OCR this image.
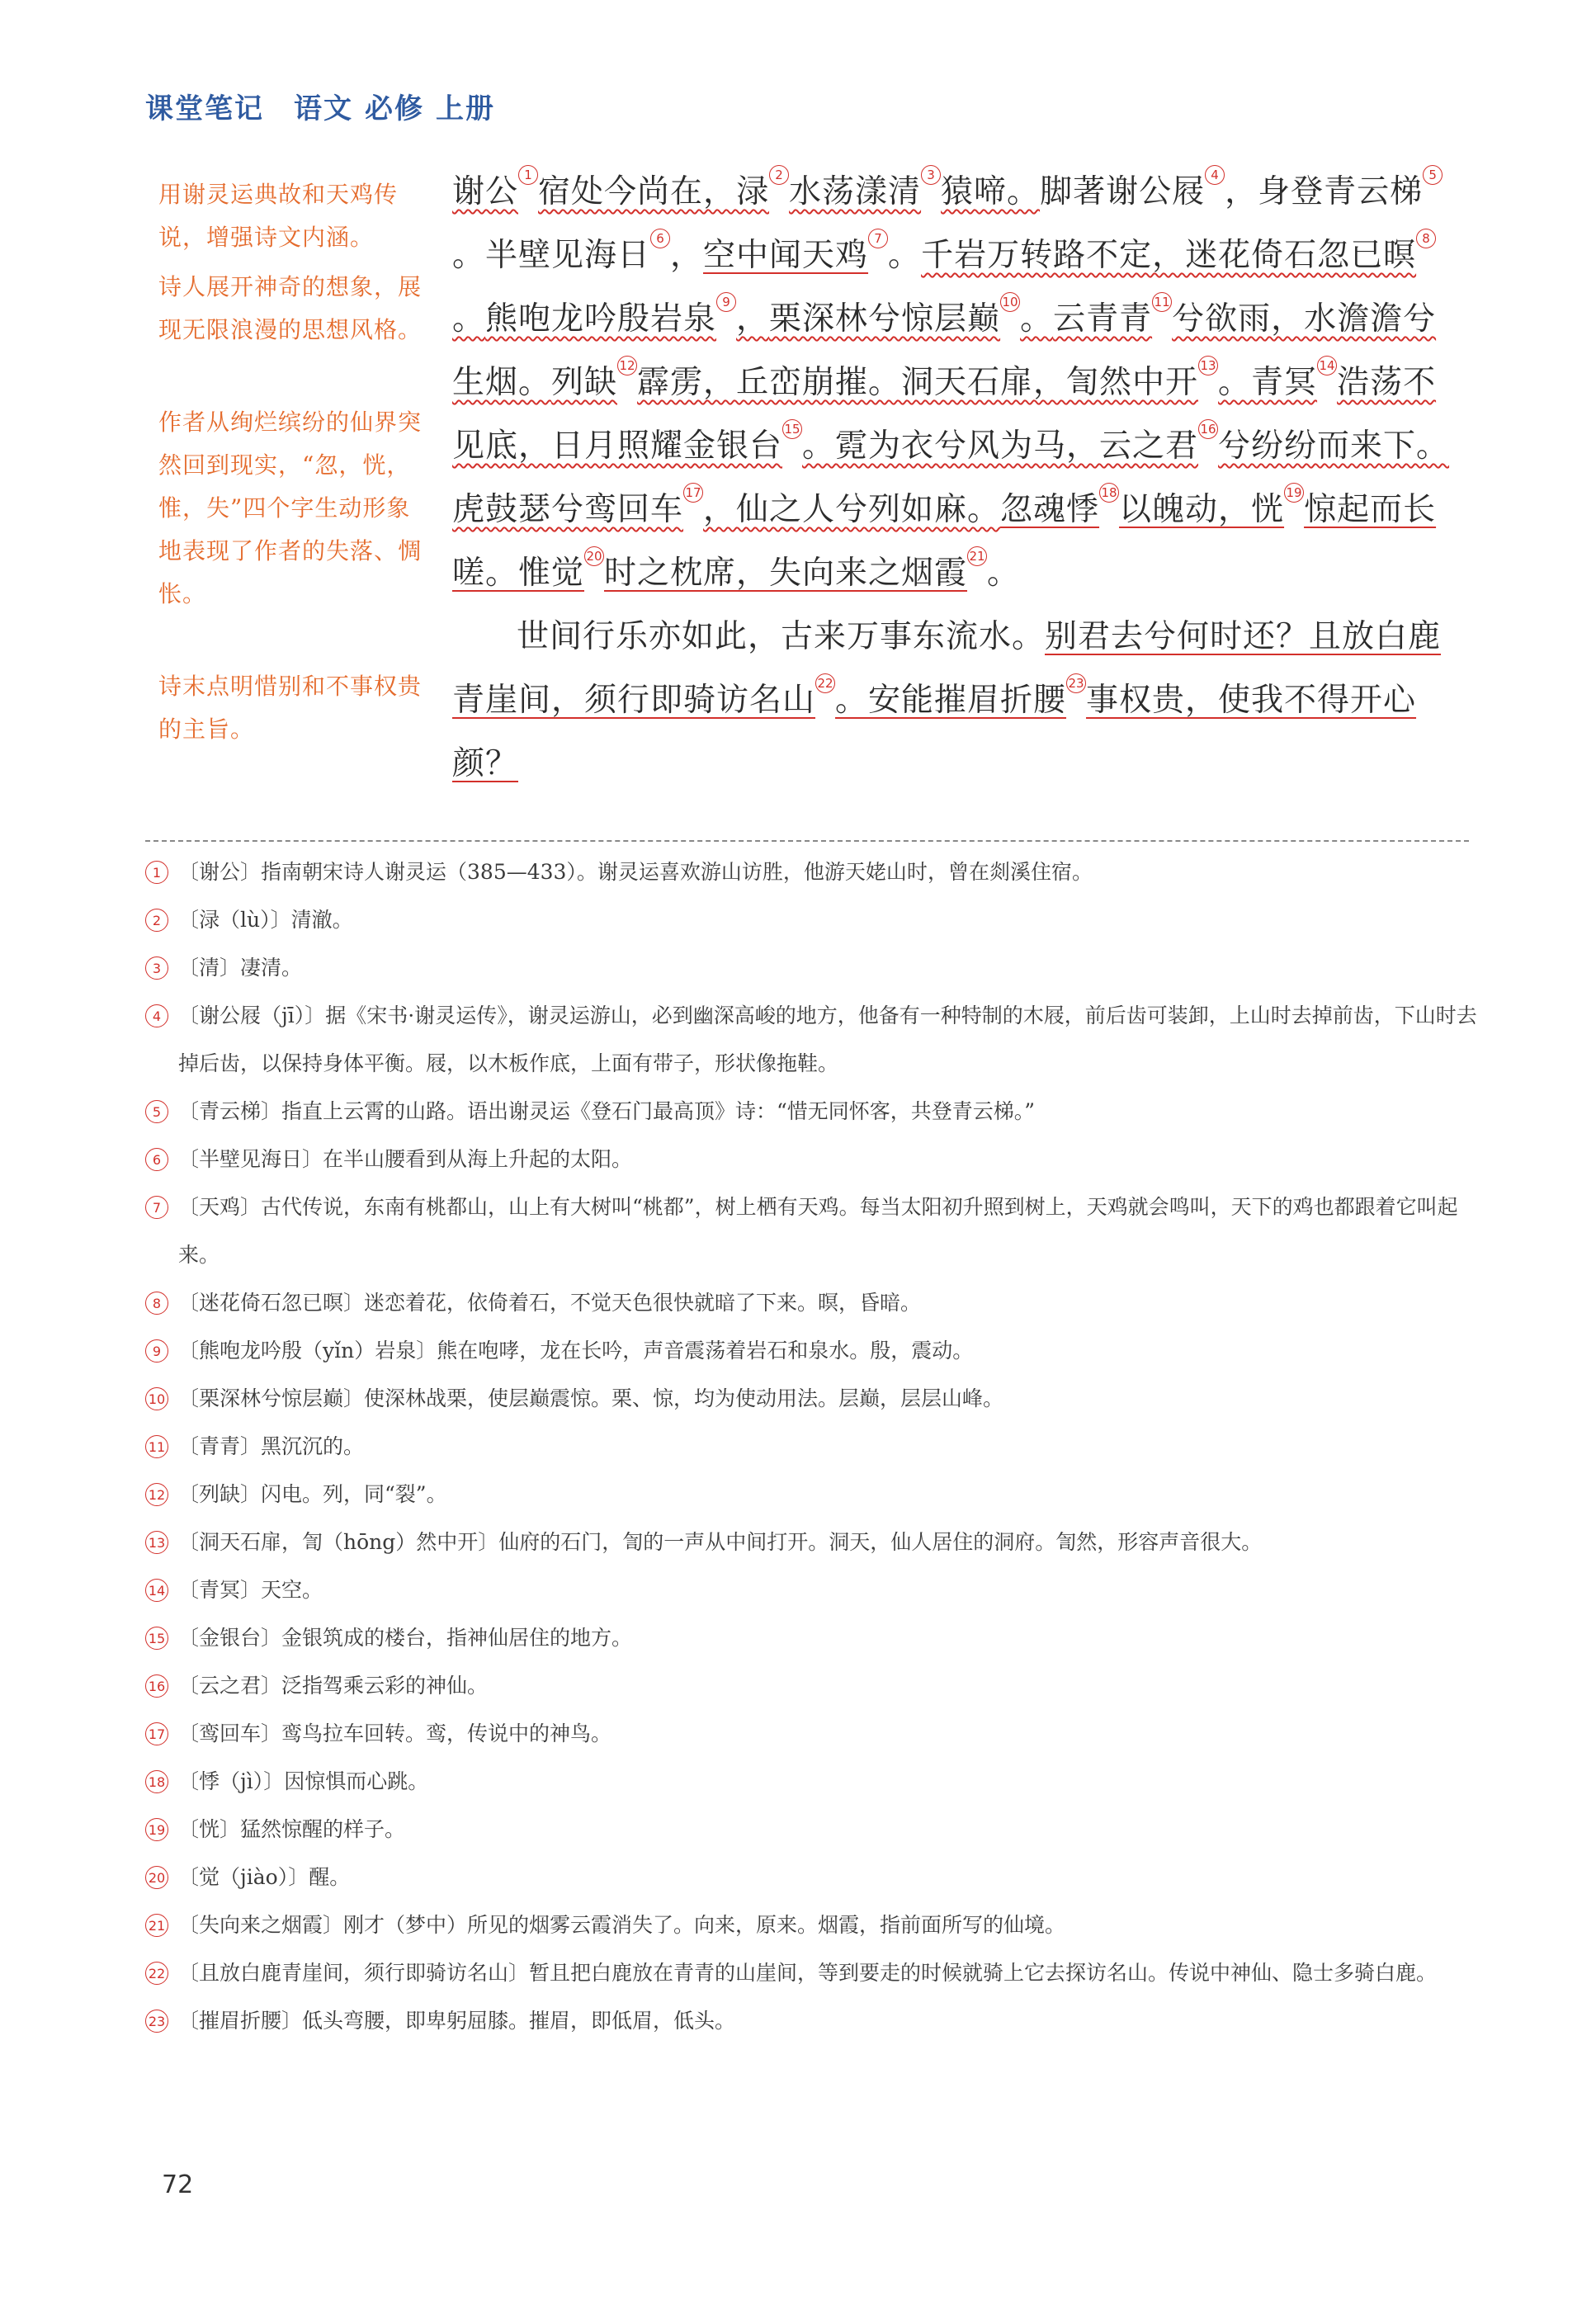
课堂笔记 语文 必修 上册
用谢灵运典故和天鸡传说，增强诗文内涵。
诗人展开神奇的想象，展现无限浪漫的思想风格。
作者从绚烂缤纷的仙界突然回到现实，“忽，恍，惟，失”四个字生动形象地表现了作者的失落、惆怅。
诗末点明惜别和不事权贵的主旨。

谢公 $^1$ 宿处今尚在，渌 $^2$ 水荡漾清 $^3$ 猿啼。脚著谢公屐 $^4$ ，身登青云梯 $^5$。半壁见海日 $^6$ ，空中闻天鸡 $^7$ 。千岩万转路不定，迷花倚石忽已暝 $^8$。熊咆龙吟殷岩泉 $^9$ ，栗深林兮惊层巅 $^{10}$。云青青 $^{11}$兮欲雨，水澹澹兮生烟。列缺 $^{12}$霹雳，丘峦崩摧。洞天石扉，訇然中开 $^{13}$。青冥 $^{14}$浩荡不见底，日月照耀金银台 $^{15}$。霓为衣兮风为马，云之君 $^{16}$兮纷纷而来下。虎鼓瑟兮鸾回车 $^{17}$，仙之人兮列如麻。忽魂悸 $^{18}$以魄动，恍 $^{19}$惊起而长嗟。惟觉 $^{20}$时之枕席，失向来之烟霞 $^{21}$。

世间行乐亦如此，古来万事东流水。别君去兮何时还？且放白鹿青崖间，须行即骑访名山 $^{22}$。安能摧眉折腰 $^{23}$事权贵，使我不得开心颜？

1 〔谢公〕指南朝宋诗人谢灵运（385—433）。谢灵运喜欢游山访胜，他游天姥山时，曾在剡溪住宿。
2 〔渌（lù）〕清澈。
3 〔清〕凄清。
4 〔谢公屐（jī）〕据《宋书·谢灵运传》，谢灵运游山，必到幽深高峻的地方，他备有一种特制的木屐，前后齿可装卸，上山时去掉前齿，下山时去掉后齿，以保持身体平衡。屐，以木板作底，上面有带子，形状像拖鞋。
5 〔青云梯〕指直上云霄的山路。语出谢灵运《登石门最高顶》诗：“惜无同怀客，共登青云梯。”
6 〔半壁见海日〕在半山腰看到从海上升起的太阳。
7 〔天鸡〕古代传说，东南有桃都山，山上有大树叫“桃都”，树上栖有天鸡。每当太阳初升照到树上，天鸡就会鸣叫，天下的鸡也都跟着它叫起来。
8 〔迷花倚石忽已暝〕迷恋着花，依倚着石，不觉天色很快就暗了下来。暝，昏暗。
9 〔熊咆龙吟殷（yǐn）岩泉〕熊在咆哮，龙在长吟，声音震荡着岩石和泉水。殷，震动。
10 〔栗深林兮惊层巅〕使深林战栗，使层巅震惊。栗、惊，均为使动用法。层巅，层层山峰。
11 〔青青〕黑沉沉的。
12 〔列缺〕闪电。列，同“裂”。
13 〔洞天石扉，訇（hōng）然中开〕仙府的石门，訇的一声从中间打开。洞天，仙人居住的洞府。訇然，形容声音很大。
14 〔青冥〕天空。
15 〔金银台〕金银筑成的楼台，指神仙居住的地方。
16 〔云之君〕泛指驾乘云彩的神仙。
17 〔鸾回车〕鸾鸟拉车回转。鸾，传说中的神鸟。
18 〔悸（jì）〕因惊惧而心跳。
19 〔恍〕猛然惊醒的样子。
20 〔觉（jiào）〕醒。
21 〔失向来之烟霞〕刚才（梦中）所见的烟雾云霞消失了。向来，原来。烟霞，指前面所写的仙境。
22 〔且放白鹿青崖间，须行即骑访名山〕暂且把白鹿放在青青的山崖间，等到要走的时候就骑上它去探访名山。传说中神仙、隐士多骑白鹿。
23 〔摧眉折腰〕低头弯腰，即卑躬屈膝。摧眉，即低眉，低头。
72
